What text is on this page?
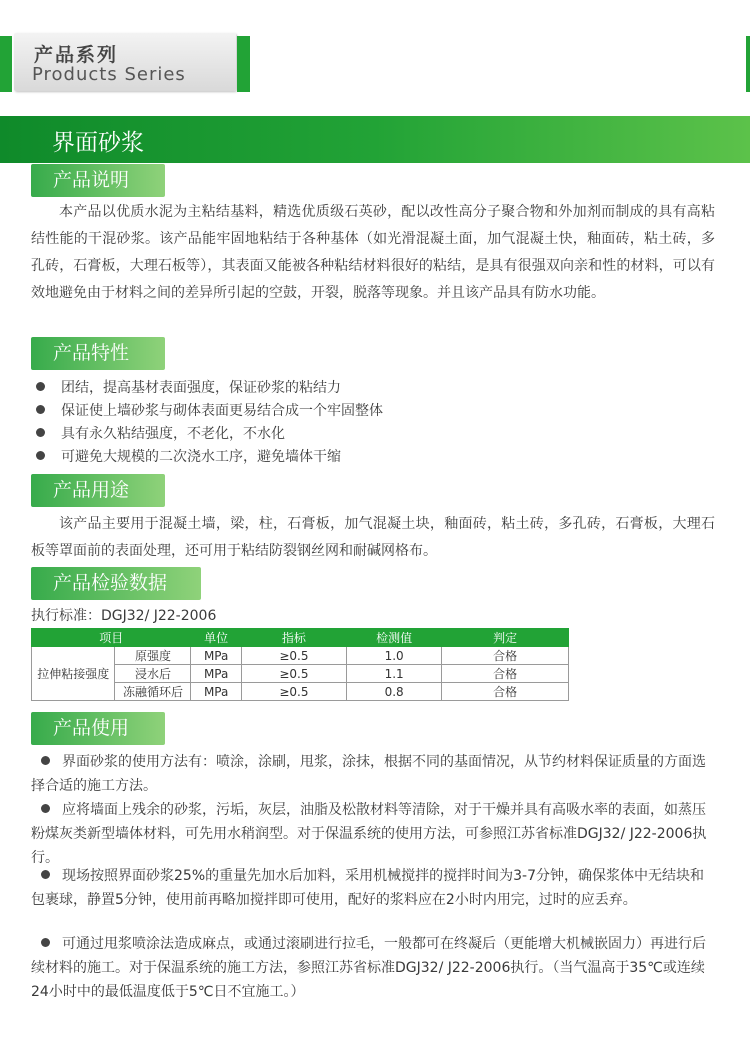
产品系列
Products Series
界面砂浆
产品说明

本产品以优质水泥为主粘结基料，精选优质级石英砂，配以改性高分子聚合物和外加剂而制成的具有高粘结性能的干混砂浆。该产品能牢固地粘结于各种基体（如光滑混凝土面，加气混凝土快，釉面砖，粘土砖，多孔砖，石膏板，大理石板等），其表面又能被各种粘结材料很好的粘结，是具有很强双向亲和性的材料，可以有效地避免由于材料之间的差异所引起的空鼓，开裂，脱落等现象。并且该产品具有防水功能。

产品特性
团结，提高基材表面强度，保证砂浆的粘结力
保证使上墙砂浆与砌体表面更易结合成一个牢固整体
具有永久粘结强度，不老化，不水化
可避免大规模的二次浇水工序，避免墙体干缩
产品用途

该产品主要用于混凝土墙，梁，柱，石膏板，加气混凝土块，釉面砖，粘土砖，多孔砖，石膏板，大理石板等罩面前的表面处理，还可用于粘结防裂钢丝网和耐碱网格布。

产品检验数据
执行标准：DGJ32/ J22-2006
项目		单位	指标	检测值	判定
拉伸粘接强度	原强度	MPa	≥0.5	1.0	合格
	浸水后	MPa	≥0.5	1.1	合格
	冻融循环后	MPa	≥0.5	0.8	合格
产品使用

界面砂浆的使用方法有：喷涂，涂刷，甩浆，涂抹，根据不同的基面情况，从节约材料保证质量的方面选择合适的施工方法。

应将墙面上残余的砂浆，污垢，灰层，油脂及松散材料等清除，对于干燥并具有高吸水率的表面，如蒸压粉煤灰类新型墙体材料，可先用水稍润型。对于保温系统的使用方法，可参照江苏省标准DGJ32/ J22-2006执行。

现场按照界面砂浆25%的重量先加水后加料，采用机械搅拌的搅拌时间为3-7分钟，确保浆体中无结块和包裹球，静置5分钟，使用前再略加搅拌即可使用，配好的浆料应在2小时内用完，过时的应丢弃。

可通过甩浆喷涂法造成麻点，或通过滚刷进行拉毛，一般都可在终凝后（更能增大机械嵌固力）再进行后续材料的施工。对于保温系统的施工方法，参照江苏省标准DGJ32/ J22-2006执行。（当气温高于35℃或连续24小时中的最低温度低于5℃日不宜施工。）
